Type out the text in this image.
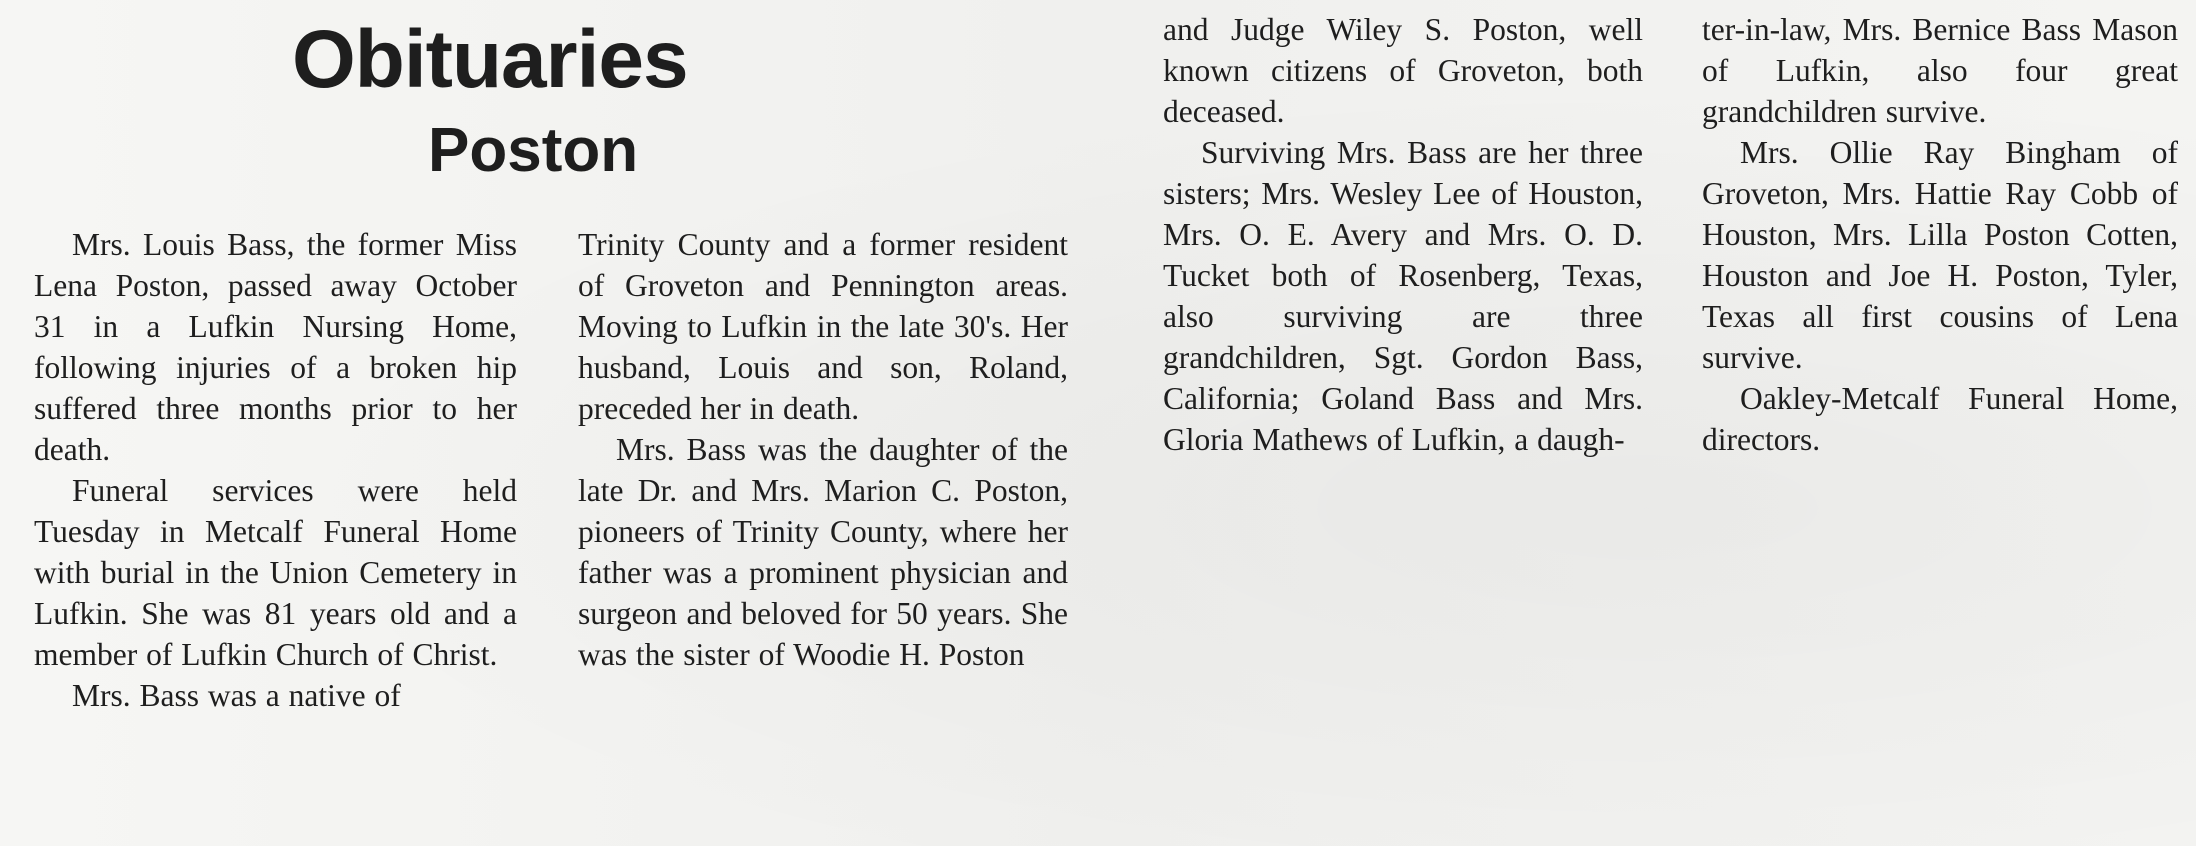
Obituaries
Poston

Mrs. Louis Bass, the former Miss Lena Poston, passed away October 31 in a Lufkin Nursing Home, following injuries of a broken hip suffered three months prior to her death.

Funeral services were held Tuesday in Metcalf Funeral Home with burial in the Union Cemetery in Lufkin. She was 81 years old and a member of Lufkin Church of Christ.

Mrs. Bass was a native of

Trinity County and a former resident of Groveton and Pennington areas. Moving to Lufkin in the late 30's. Her husband, Louis and son, Roland, preceded her in death.

Mrs. Bass was the daughter of the late Dr. and Mrs. Marion C. Poston, pioneers of Trinity County, where her father was a prominent physician and surgeon and beloved for 50 years. She was the sister of Woodie H. Poston

and Judge Wiley S. Poston, well known citizens of Groveton, both deceased.

Surviving Mrs. Bass are her three sisters; Mrs. Wesley Lee of Houston, Mrs. O. E. Avery and Mrs. O. D. Tucket both of Rosenberg, Texas, also surviving are three grandchildren, Sgt. Gordon Bass, California; Goland Bass and Mrs. Gloria Mathews of Lufkin, a daugh-

ter-in-law, Mrs. Bernice Bass Mason of Lufkin, also four great grandchildren survive.

Mrs. Ollie Ray Bingham of Groveton, Mrs. Hattie Ray Cobb of Houston, Mrs. Lilla Poston Cotten, Houston and Joe H. Poston, Tyler, Texas all first cousins of Lena survive.

Oakley-Metcalf Funeral Home, directors.
